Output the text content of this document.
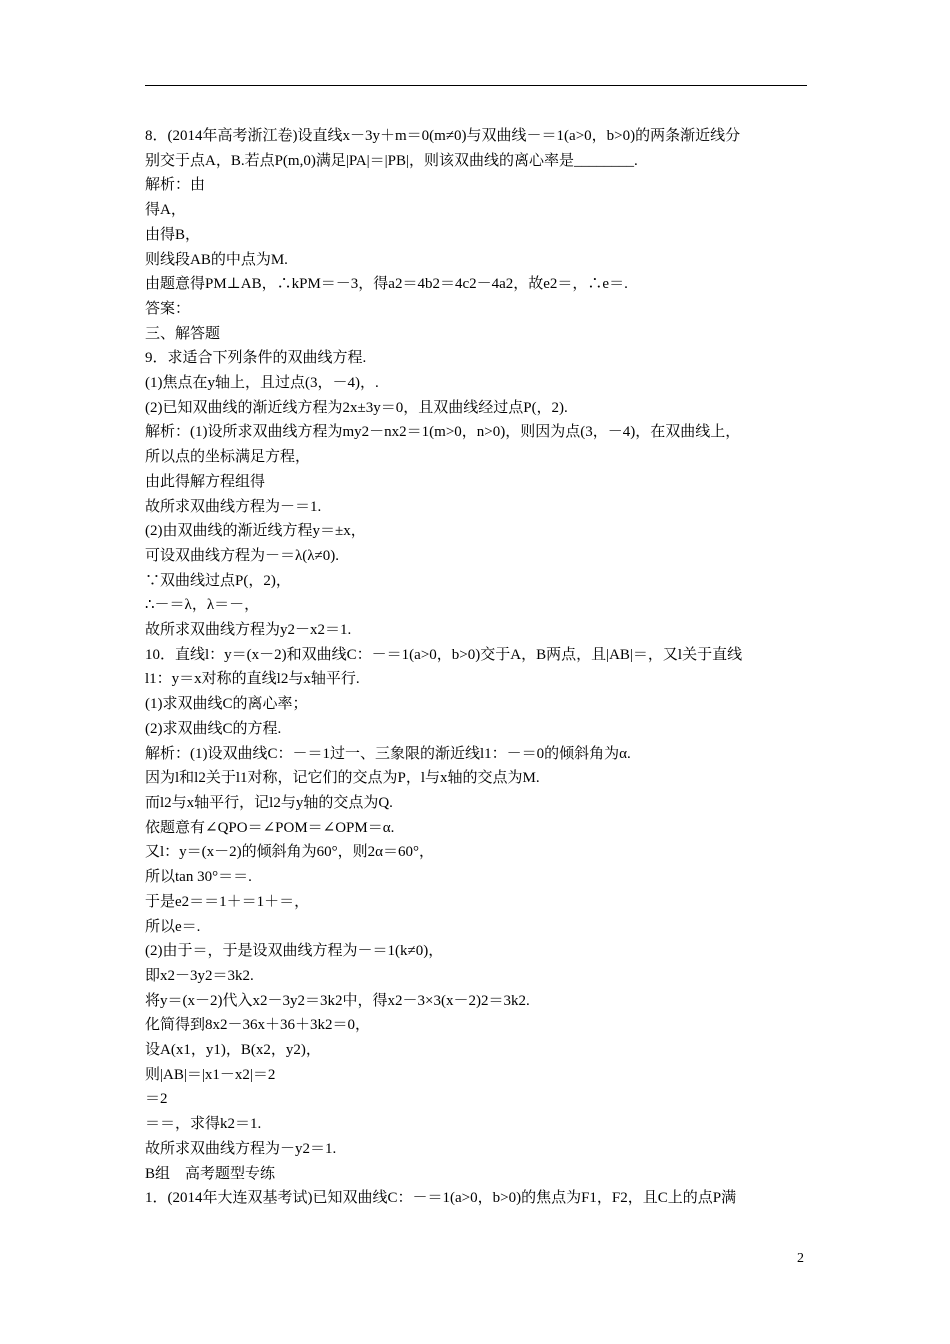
8．(2014年高考浙江卷)设直线x－3y＋m＝0(m≠0)与双曲线－＝1(a>0，b>0)的两条渐近线分
别交于点A，B.若点P(m,0)满足|PA|＝|PB|，则该双曲线的离心率是________.
解析：由
得A，
由得B，
则线段AB的中点为M.
由题意得PM⊥AB，∴kPM＝－3，得a2＝4b2＝4c2－4a2，故e2＝，∴e＝.
答案：
三、解答题
9．求适合下列条件的双曲线方程.
(1)焦点在y轴上，且过点(3，－4)，.
(2)已知双曲线的渐近线方程为2x±3y＝0，且双曲线经过点P(，2).
解析：(1)设所求双曲线方程为my2－nx2＝1(m>0，n>0)，则因为点(3，－4)，在双曲线上，
所以点的坐标满足方程，
由此得解方程组得
故所求双曲线方程为－＝1.
(2)由双曲线的渐近线方程y＝±x，
可设双曲线方程为－＝λ(λ≠0).
∵双曲线过点P(，2)，
∴－＝λ，λ＝－，
故所求双曲线方程为y2－x2＝1.
10．直线l：y＝(x－2)和双曲线C：－＝1(a>0，b>0)交于A，B两点，且|AB|＝，又l关于直线
l1：y＝x对称的直线l2与x轴平行.
(1)求双曲线C的离心率；
(2)求双曲线C的方程.
解析：(1)设双曲线C：－＝1过一、三象限的渐近线l1：－＝0的倾斜角为α.
因为l和l2关于l1对称，记它们的交点为P，l与x轴的交点为M.
而l2与x轴平行，记l2与y轴的交点为Q.
依题意有∠QPO＝∠POM＝∠OPM＝α.
又l：y＝(x－2)的倾斜角为60°，则2α＝60°，
所以tan 30°＝＝.
于是e2＝＝1＋＝1＋＝，
所以e＝.
(2)由于＝，于是设双曲线方程为－＝1(k≠0)，
即x2－3y2＝3k2.
将y＝(x－2)代入x2－3y2＝3k2中，得x2－3×3(x－2)2＝3k2.
化简得到8x2－36x＋36＋3k2＝0，
设A(x1，y1)，B(x2，y2)，
则|AB|＝|x1－x2|＝2
＝2
＝＝，求得k2＝1.
故所求双曲线方程为－y2＝1.
B组　高考题型专练
1．(2014年大连双基考试)已知双曲线C：－＝1(a>0，b>0)的焦点为F1，F2，且C上的点P满
2
